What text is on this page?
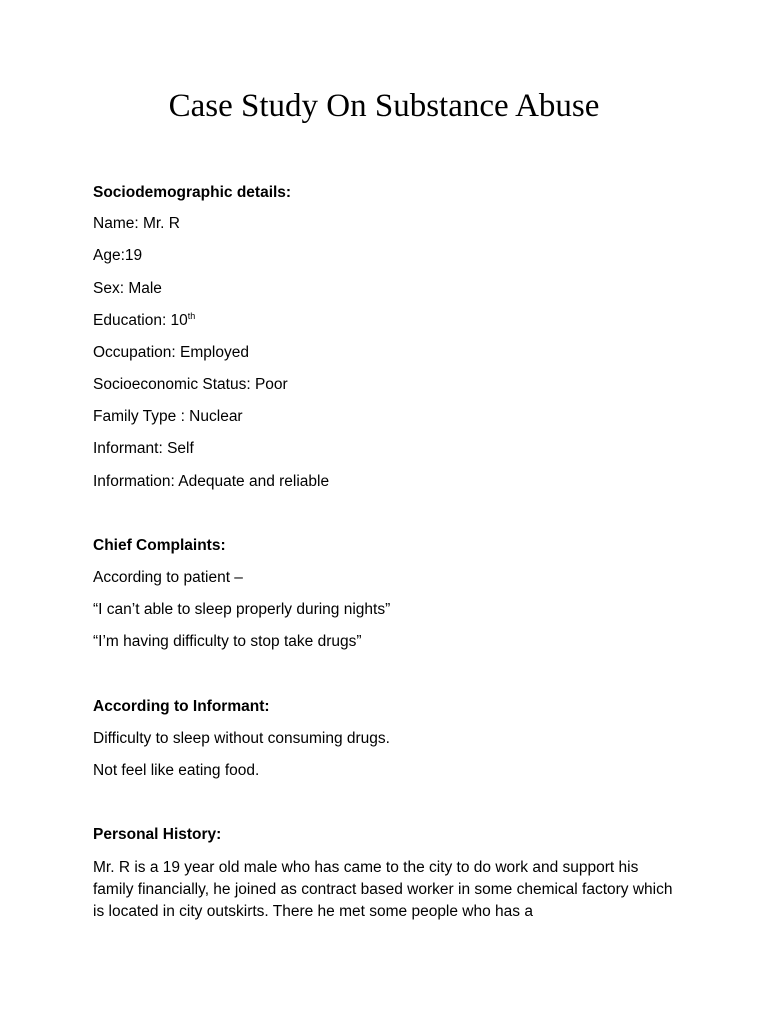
Case Study On Substance Abuse

Sociodemographic details:

Name: Mr. R

Age:19

Sex: Male

Education: 10th

Occupation: Employed

Socioeconomic Status: Poor

Family Type : Nuclear

Informant: Self

Information: Adequate and reliable

Chief Complaints:

According to patient –

“I can’t able to sleep properly during nights”

“I’m having difficulty to stop take drugs”

According to Informant:

Difficulty to sleep without consuming drugs.

Not feel like eating food.

Personal History:

Mr. R is a 19 year old male who has came to the city to do work and support his family financially, he joined as contract based worker in some chemical factory which is located in city outskirts. There he met some people who has a
